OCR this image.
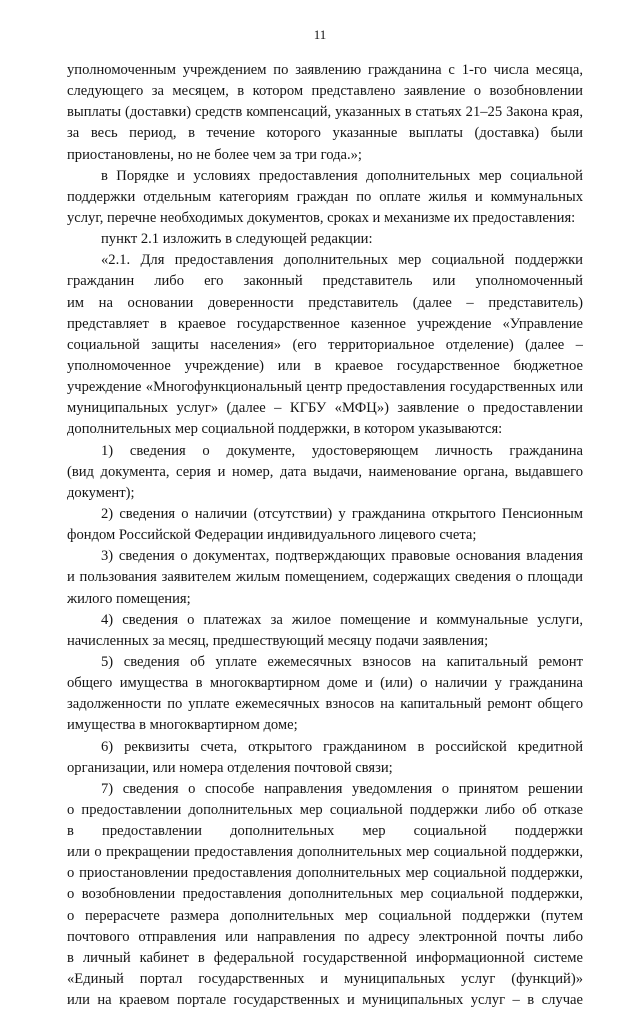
11
уполномоченным учреждением по заявлению гражданина с 1-го числа месяца,
следующего за месяцем, в котором представлено заявление о возобновлении
выплаты (доставки) средств компенсаций, указанных в статьях 21–25 Закона края,
за весь период, в течение которого указанные выплаты (доставка) были
приостановлены, но не более чем за три года.»;
в Порядке и условиях предоставления дополнительных мер социальной
поддержки отдельным категориям граждан по оплате жилья и коммунальных
услуг, перечне необходимых документов, сроках и механизме их предоставления:
пункт 2.1 изложить в следующей редакции:
«2.1. Для предоставления дополнительных мер социальной поддержки
гражданин либо его законный представитель или уполномоченный
им на основании доверенности представитель (далее – представитель)
представляет в краевое государственное казенное учреждение «Управление
социальной защиты населения» (его территориальное отделение) (далее –
уполномоченное учреждение) или в краевое государственное бюджетное
учреждение «Многофункциональный центр предоставления государственных или
муниципальных услуг» (далее – КГБУ «МФЦ») заявление о предоставлении
дополнительных мер социальной поддержки, в котором указываются:
1) сведения о документе, удостоверяющем личность гражданина
(вид документа, серия и номер, дата выдачи, наименование органа, выдавшего
документ);
2) сведения о наличии (отсутствии) у гражданина открытого Пенсионным
фондом Российской Федерации индивидуального лицевого счета;
3) сведения о документах, подтверждающих правовые основания владения
и пользования заявителем жилым помещением, содержащих сведения о площади
жилого помещения;
4) сведения о платежах за жилое помещение и коммунальные услуги,
начисленных за месяц, предшествующий месяцу подачи заявления;
5) сведения об уплате ежемесячных взносов на капитальный ремонт
общего имущества в многоквартирном доме и (или) о наличии у гражданина
задолженности по уплате ежемесячных взносов на капитальный ремонт общего
имущества в многоквартирном доме;
6) реквизиты счета, открытого гражданином в российской кредитной
организации, или номера отделения почтовой связи;
7) сведения о способе направления уведомления о принятом решении
о предоставлении дополнительных мер социальной поддержки либо об отказе
в предоставлении дополнительных мер социальной поддержки
или о прекращении предоставления дополнительных мер социальной поддержки,
о приостановлении предоставления дополнительных мер социальной поддержки,
о возобновлении предоставления дополнительных мер социальной поддержки,
о перерасчете размера дополнительных мер социальной поддержки (путем
почтового отправления или направления по адресу электронной почты либо
в личный кабинет в федеральной государственной информационной системе
«Единый портал государственных и муниципальных услуг (функций)»
или на краевом портале государственных и муниципальных услуг – в случае
